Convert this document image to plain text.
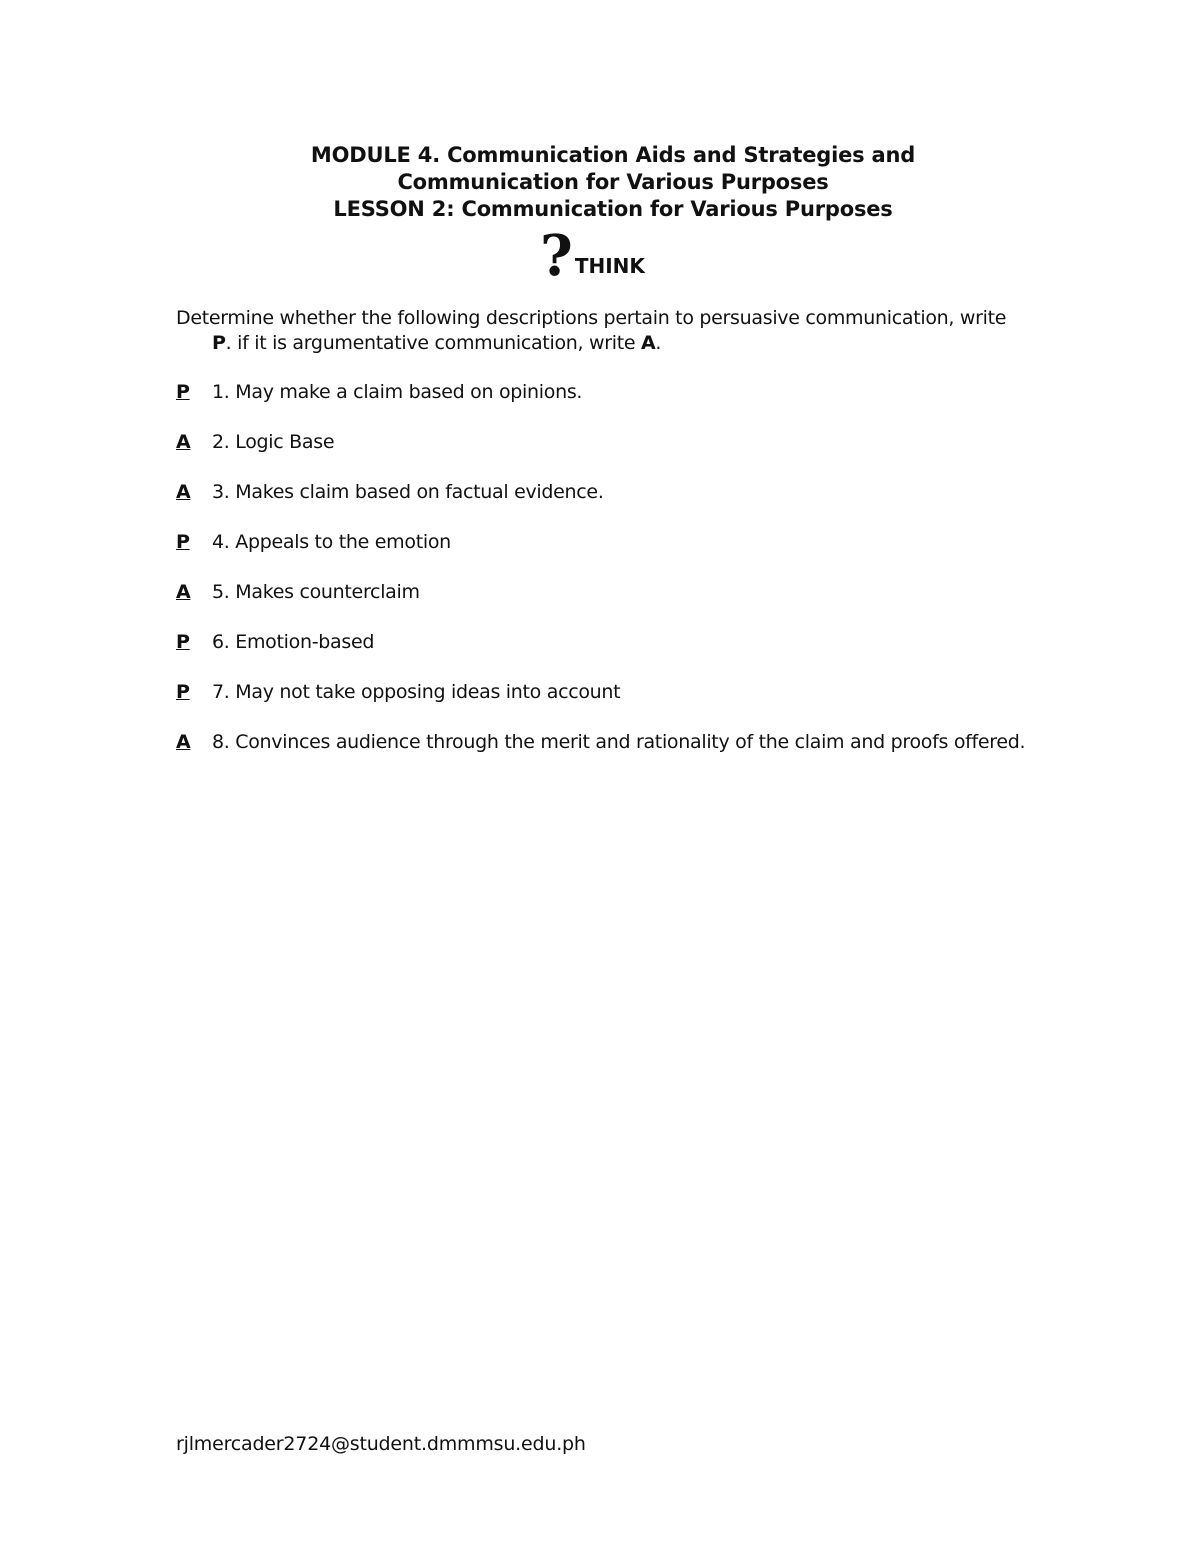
MODULE 4. Communication Aids and Strategies and
Communication for Various Purposes
LESSON 2: Communication for Various Purposes
? THINK
Determine whether the following descriptions pertain to persuasive communication, write
P. if it is argumentative communication, write A.
P	1. May make a claim based on opinions.
A	2. Logic Base
A	3. Makes claim based on factual evidence.
P	4. Appeals to the emotion
A	5. Makes counterclaim
P	6. Emotion-based
P	7. May not take opposing ideas into account
A	8. Convinces audience through the merit and rationality of the claim and proofs offered.
rjlmercader2724@student.dmmmsu.edu.ph
